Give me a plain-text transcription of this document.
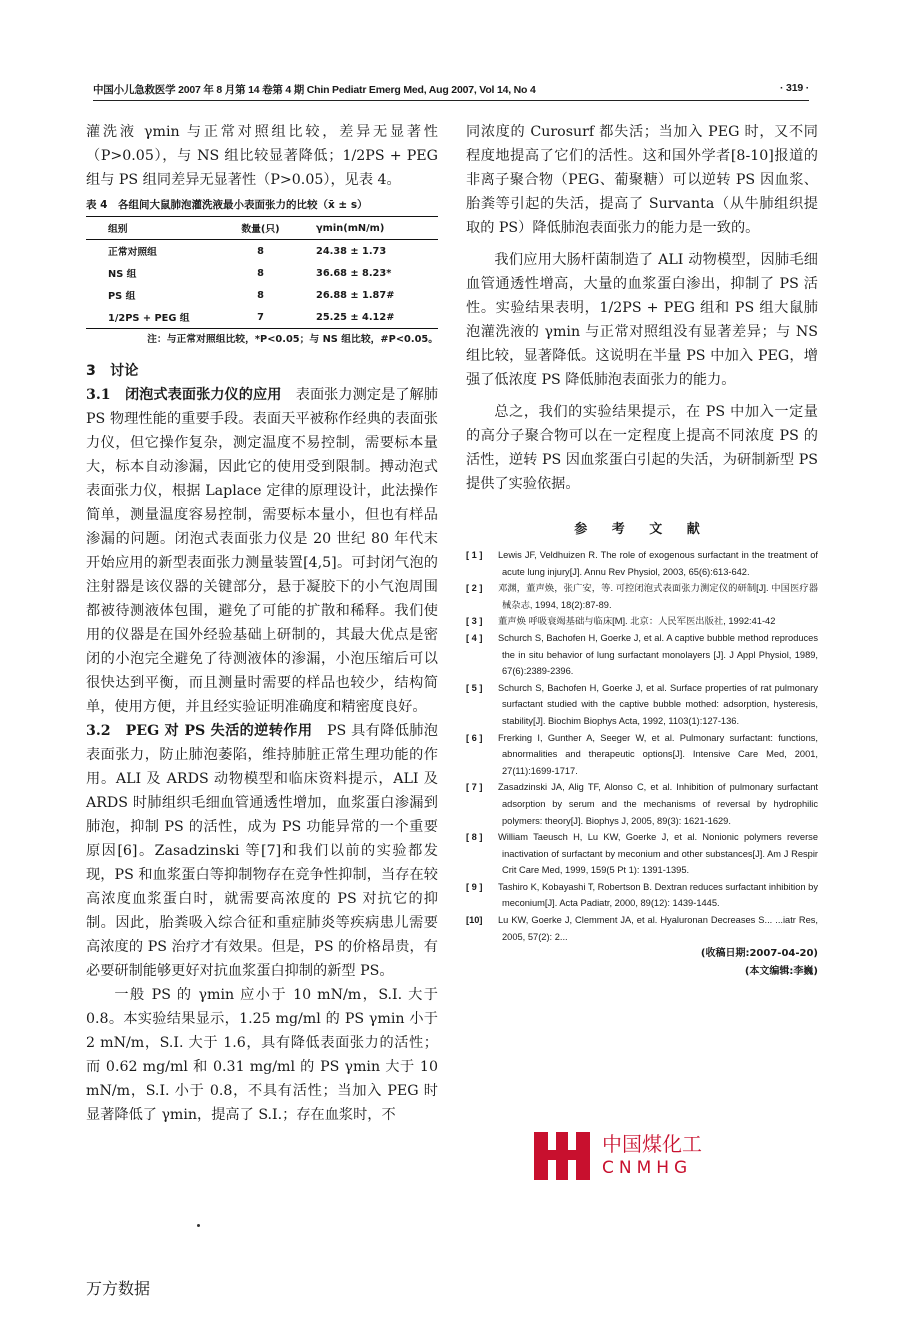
中国小儿急救医学 2007 年 8 月第 14 卷第 4 期 Chin Pediatr Emerg Med, Aug 2007, Vol 14, No 4	· 319 ·

灌洗液 γmin 与正常对照组比较，差异无显著性（P>0.05），与 NS 组比较显著降低；1/2PS + PEG 组与 PS 组同差异无显著性（P>0.05），见表 4。

表 4　各组间大鼠肺泡灌洗液最小表面张力的比较（x̄ ± s）
组别	数量(只)	γmin(mN/m)
正常对照组	8	24.38 ± 1.73
NS 组	8	36.68 ± 8.23*
PS 组	8	26.88 ± 1.87#
1/2PS + PEG 组	7	25.25 ± 4.12#
注：与正常对照组比较，*P<0.05；与 NS 组比较，#P<0.05。
3　讨论

3.1　闭泡式表面张力仪的应用　 表面张力测定是了解肺 PS 物理性能的重要手段。表面天平被称作经典的表面张力仪，但它操作复杂，测定温度不易控制，需要标本量大，标本自动渗漏，因此它的使用受到限制。搏动泡式表面张力仪，根据 Laplace 定律的原理设计，此法操作简单，测量温度容易控制，需要标本量小，但也有样品渗漏的问题。闭泡式表面张力仪是 20 世纪 80 年代末开始应用的新型表面张力测量装置[4,5]。可封闭气泡的注射器是该仪器的关键部分，悬于凝胶下的小气泡周围都被待测液体包围，避免了可能的扩散和稀释。我们使用的仪器是在国外经验基础上研制的，其最大优点是密闭的小泡完全避免了待测液体的渗漏，小泡压缩后可以很快达到平衡，而且测量时需要的样品也较少，结构简单，使用方便，并且经实验证明准确度和精密度良好。

3.2　PEG 对 PS 失活的逆转作用　 PS 具有降低肺泡表面张力，防止肺泡萎陷，维持肺脏正常生理功能的作用。ALI 及 ARDS 动物模型和临床资料提示，ALI 及 ARDS 时肺组织毛细血管通透性增加，血浆蛋白渗漏到肺泡，抑制 PS 的活性，成为 PS 功能异常的一个重要原因[6]。Zasadzinski 等[7]和我们以前的实验都发现，PS 和血浆蛋白等抑制物存在竞争性抑制，当存在较高浓度血浆蛋白时，就需要高浓度的 PS 对抗它的抑制。因此，胎粪吸入综合征和重症肺炎等疾病患儿需要高浓度的 PS 治疗才有效果。但是，PS 的价格昂贵，有必要研制能够更好对抗血浆蛋白抑制的新型 PS。

一般 PS 的 γmin 应小于 10 mN/m，S.I. 大于 0.8。本实验结果显示，1.25 mg/ml 的 PS γmin 小于 2 mN/m，S.I. 大于 1.6，具有降低表面张力的活性；而 0.62 mg/ml 和 0.31 mg/ml 的 PS γmin 大于 10 mN/m，S.I. 小于 0.8，不具有活性；当加入 PEG 时显著降低了 γmin，提高了 S.I.；存在血浆时，不

同浓度的 Curosurf 都失活；当加入 PEG 时，又不同程度地提高了它们的活性。这和国外学者[8-10]报道的非离子聚合物（PEG、葡聚糖）可以逆转 PS 因血浆、胎粪等引起的失活，提高了 Survanta（从牛肺组织提取的 PS）降低肺泡表面张力的能力是一致的。

我们应用大肠杆菌制造了 ALI 动物模型，因肺毛细血管通透性增高，大量的血浆蛋白渗出，抑制了 PS 活性。实验结果表明，1/2PS + PEG 组和 PS 组大鼠肺泡灌洗液的 γmin 与正常对照组没有显著差异；与 NS 组比较，显著降低。这说明在半量 PS 中加入 PEG，增强了低浓度 PS 降低肺泡表面张力的能力。

总之，我们的实验结果提示，在 PS 中加入一定量的高分子聚合物可以在一定程度上提高不同浓度 PS 的活性，逆转 PS 因血浆蛋白引起的失活，为研制新型 PS 提供了实验依据。

参 考 文 献
[ 1 ] Lewis JF, Veldhuizen R. The role of exogenous surfactant in the treatment of acute lung injury[J]. Annu Rev Physiol, 2003, 65(6):613-642.
[ 2 ] 邓渊，董声焕，张广安，等. 可控闭泡式表面张力测定仪的研制[J]. 中国医疗器械杂志, 1994, 18(2):87-89.
[ 3 ] 董声焕 呼吸衰竭基础与临床[M]. 北京：人民军医出版社, 1992:41-42
[ 4 ] Schurch S, Bachofen H, Goerke J, et al. A captive bubble method reproduces the in situ behavior of lung surfactant monolayers [J]. J Appl Physiol, 1989, 67(6):2389-2396.
[ 5 ] Schurch S, Bachofen H, Goerke J, et al. Surface properties of rat pulmonary surfactant studied with the captive bubble mothed: adsorption, hysteresis, stability[J]. Biochim Biophys Acta, 1992, 1103(1):127-136.
[ 6 ] Frerking I, Gunther A, Seeger W, et al. Pulmonary surfactant: functions, abnormalities and therapeutic options[J]. Intensive Care Med, 2001, 27(11):1699-1717.
[ 7 ] Zasadzinski JA, Alig TF, Alonso C, et al. Inhibition of pulmonary surfactant adsorption by serum and the mechanisms of reversal by hydrophilic polymers: theory[J]. Biophys J, 2005, 89(3): 1621-1629.
[ 8 ] William Taeusch H, Lu KW, Goerke J, et al. Nonionic polymers reverse inactivation of surfactant by meconium and other substances[J]. Am J Respir Crit Care Med, 1999, 159(5 Pt 1): 1391-1395.
[ 9 ] Tashiro K, Kobayashi T, Robertson B. Dextran reduces surfactant inhibition by meconium[J]. Acta Padiatr, 2000, 89(12): 1439-1445.
[10] Lu KW, Goerke J, Clemment JA, et al. Hyaluronan Decreases S... ...iatr Res, 2005, 57(2): 2...
(收稿日期:2007-04-20)
(本文编辑:李巍)
中国煤化工
CNMHG
万方数据
